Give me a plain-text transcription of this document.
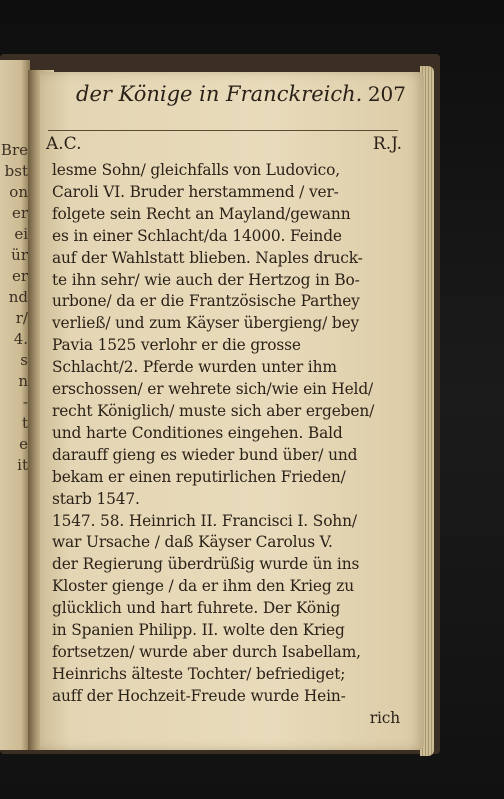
Bre
bst
on
er
ei
ür
er
nd
r/
4.
s
n
-
t
e
it
der Könige in Franckreich. 207
A.C.	R.J.
lesme Sohn/ gleichfalls von Ludovico,
Caroli VI. Bruder herstammend / ver-
folgete sein Recht an Mayland/gewann
es in einer Schlacht/da 14000. Feinde
auf der Wahlstatt blieben. Naples druck-
te ihn sehr/ wie auch der Hertzog in Bo-
urbone/ da er die Frantzösische Parthey
verließ/ und zum Käyser übergieng/ bey
Pavia 1525 verlohr er die grosse
Schlacht/2. Pferde wurden unter ihm
erschossen/ er wehrete sich/wie ein Held/
recht Königlich/ muste sich aber ergeben/
und harte Conditiones eingehen. Bald
darauff gieng es wieder bund über/ und
bekam er einen reputirlichen Frieden/
starb 1547.
1547. 58. Heinrich II. Francisci I. Sohn/
war Ursache / daß Käyser Carolus V.
der Regierung überdrüßig wurde ün ins
Kloster gienge / da er ihm den Krieg zu
glücklich und hart fuhrete. Der König
in Spanien Philipp. II. wolte den Krieg
fortsetzen/ wurde aber durch Isabellam,
Heinrichs älteste Tochter/ befriediget;
auff der Hochzeit-Freude wurde Hein-
rich
